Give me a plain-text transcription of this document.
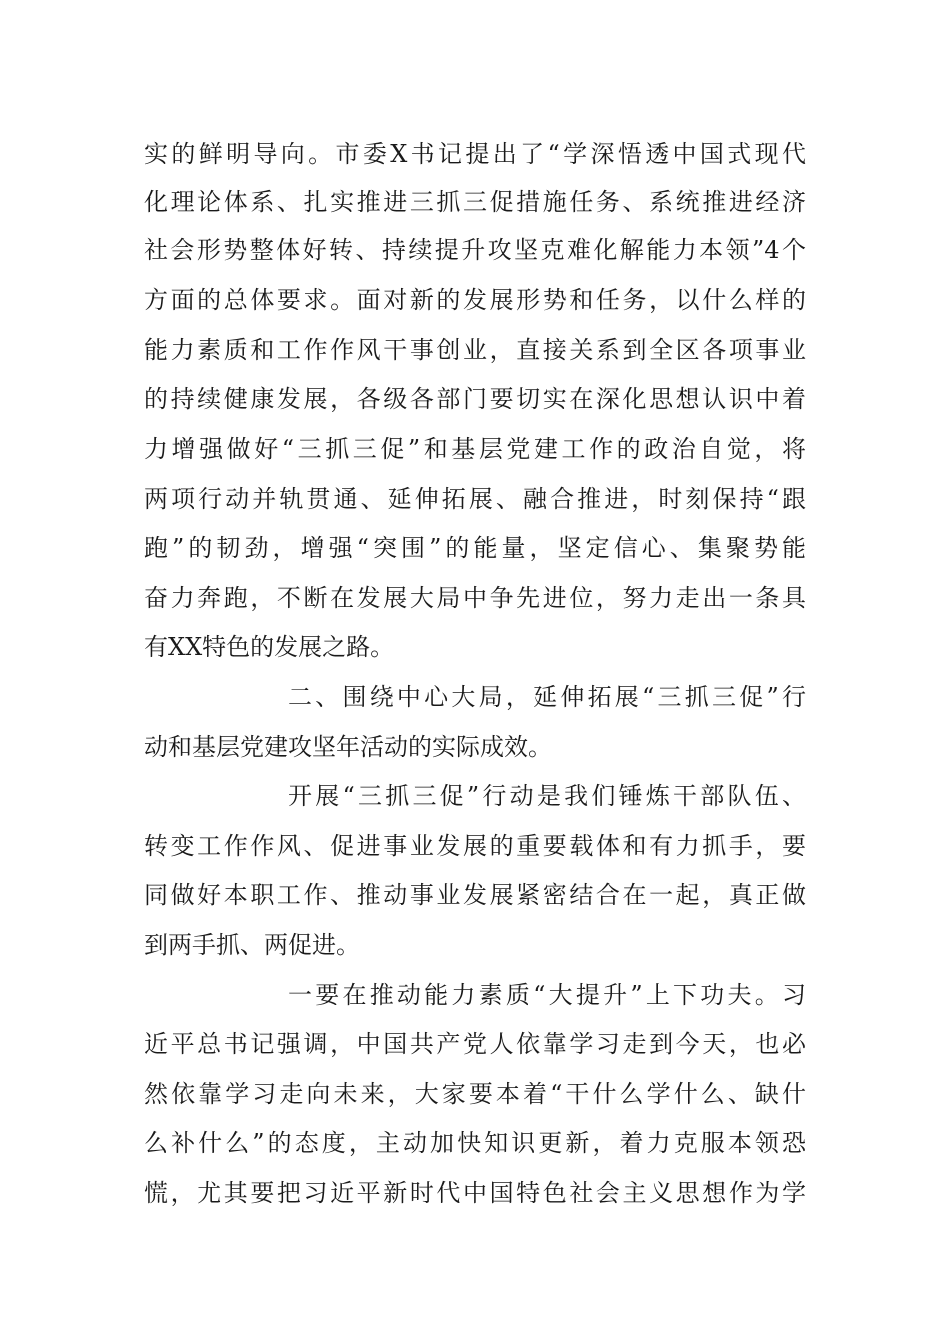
实的鲜明导向。市委X书记提出了“学深悟透中国式现代
化理论体系、扎实推进三抓三促措施任务、系统推进经济
社会形势整体好转、持续提升攻坚克难化解能力本领”4个
方面的总体要求。面对新的发展形势和任务，以什么样的
能力素质和工作作风干事创业，直接关系到全区各项事业
的持续健康发展，各级各部门要切实在深化思想认识中着
力增强做好“三抓三促”和基层党建工作的政治自觉，将
两项行动并轨贯通、延伸拓展、融合推进，时刻保持“跟
跑”的韧劲，增强“突围”的能量，坚定信心、集聚势能
奋力奔跑，不断在发展大局中争先进位，努力走出一条具
有XX特色的发展之路。
二、围绕中心大局，延伸拓展“三抓三促”行
动和基层党建攻坚年活动的实际成效。
开展“三抓三促”行动是我们锤炼干部队伍、
转变工作作风、促进事业发展的重要载体和有力抓手，要
同做好本职工作、推动事业发展紧密结合在一起，真正做
到两手抓、两促进。
一要在推动能力素质“大提升”上下功夫。习
近平总书记强调，中国共产党人依靠学习走到今天，也必
然依靠学习走向未来，大家要本着“干什么学什么、缺什
么补什么”的态度，主动加快知识更新，着力克服本领恐
慌，尤其要把习近平新时代中国特色社会主义思想作为学
